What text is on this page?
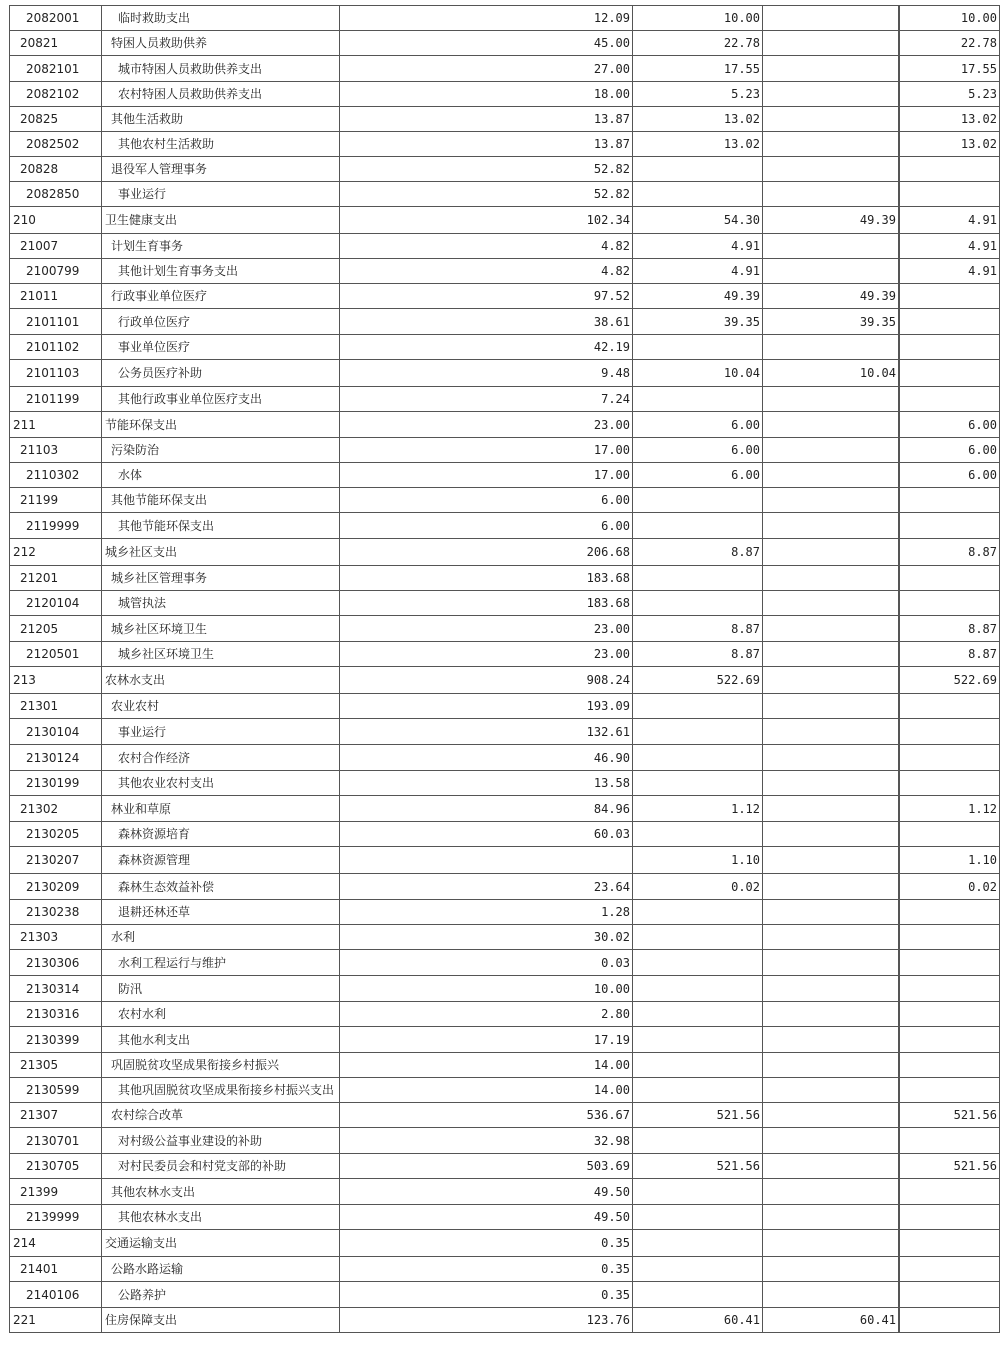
2082001	临时救助支出	12.09	10.00			10.00
20821	特困人员救助供养	45.00	22.78			22.78
2082101	城市特困人员救助供养支出	27.00	17.55			17.55
2082102	农村特困人员救助供养支出	18.00	5.23			5.23
20825	其他生活救助	13.87	13.02			13.02
2082502	其他农村生活救助	13.87	13.02			13.02
20828	退役军人管理事务	52.82				
2082850	事业运行	52.82				
210	卫生健康支出	102.34	54.30	49.39		4.91
21007	计划生育事务	4.82	4.91			4.91
2100799	其他计划生育事务支出	4.82	4.91			4.91
21011	行政事业单位医疗	97.52	49.39	49.39		
2101101	行政单位医疗	38.61	39.35	39.35		
2101102	事业单位医疗	42.19				
2101103	公务员医疗补助	9.48	10.04	10.04		
2101199	其他行政事业单位医疗支出	7.24				
211	节能环保支出	23.00	6.00			6.00
21103	污染防治	17.00	6.00			6.00
2110302	水体	17.00	6.00			6.00
21199	其他节能环保支出	6.00				
2119999	其他节能环保支出	6.00				
212	城乡社区支出	206.68	8.87			8.87
21201	城乡社区管理事务	183.68				
2120104	城管执法	183.68				
21205	城乡社区环境卫生	23.00	8.87			8.87
2120501	城乡社区环境卫生	23.00	8.87			8.87
213	农林水支出	908.24	522.69			522.69
21301	农业农村	193.09				
2130104	事业运行	132.61				
2130124	农村合作经济	46.90				
2130199	其他农业农村支出	13.58				
21302	林业和草原	84.96	1.12			1.12
2130205	森林资源培育	60.03				
2130207	森林资源管理		1.10			1.10
2130209	森林生态效益补偿	23.64	0.02			0.02
2130238	退耕还林还草	1.28				
21303	水利	30.02				
2130306	水利工程运行与维护	0.03				
2130314	防汛	10.00				
2130316	农村水利	2.80				
2130399	其他水利支出	17.19				
21305	巩固脱贫攻坚成果衔接乡村振兴	14.00				
2130599	其他巩固脱贫攻坚成果衔接乡村振兴支出	14.00				
21307	农村综合改革	536.67	521.56			521.56
2130701	对村级公益事业建设的补助	32.98				
2130705	对村民委员会和村党支部的补助	503.69	521.56			521.56
21399	其他农林水支出	49.50				
2139999	其他农林水支出	49.50				
214	交通运输支出	0.35				
21401	公路水路运输	0.35				
2140106	公路养护	0.35				
221	住房保障支出	123.76	60.41	60.41		
